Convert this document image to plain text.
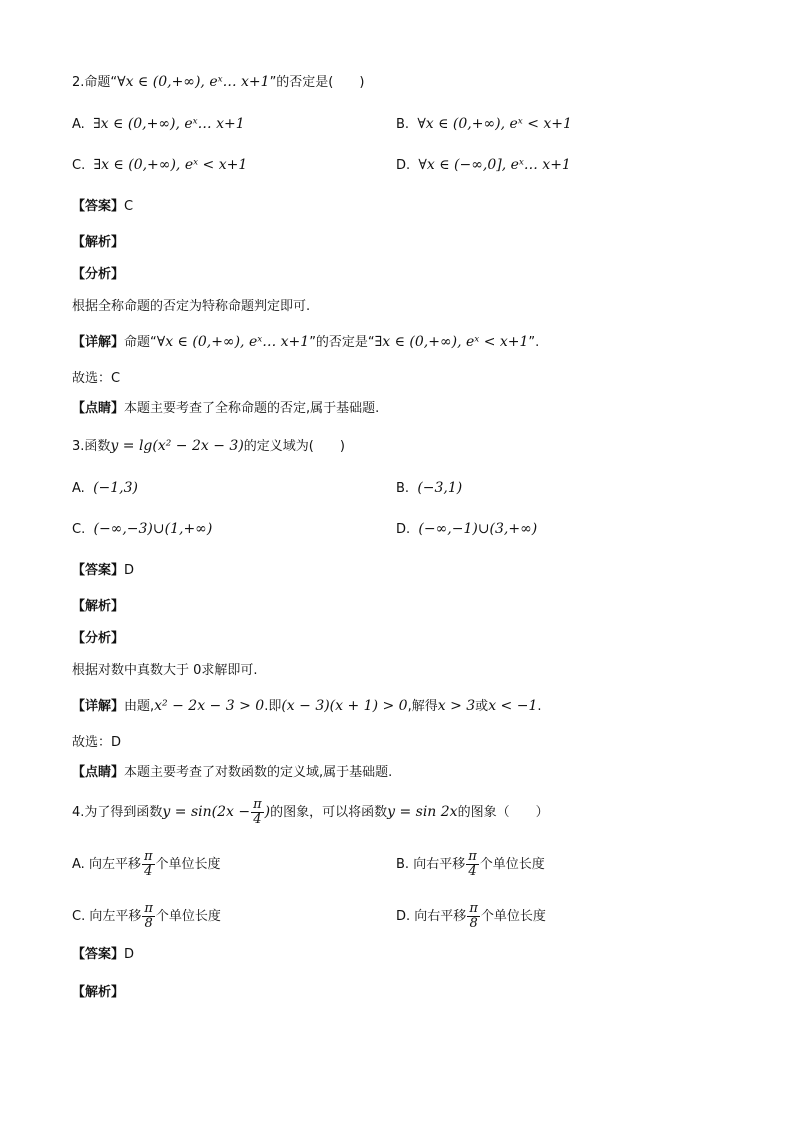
2.命题“∀x ∈ (0,+∞), eˣ… x+1”的否定是(　　)
A. ∃x ∈ (0,+∞), eˣ… x+1	B. ∀x ∈ (0,+∞), eˣ < x+1
C. ∃x ∈ (0,+∞), eˣ < x+1	D. ∀x ∈ (−∞,0], eˣ… x+1
【答案】C
【解析】
【分析】
根据全称命题的否定为特称命题判定即可.
【详解】命题“∀x ∈ (0,+∞), eˣ… x+1”的否定是“∃x ∈ (0,+∞), eˣ < x+1”.
故选：C
【点睛】本题主要考查了全称命题的否定,属于基础题.
3.函数y = lg(x² − 2x − 3)的定义域为(　　)
A. (−1,3)	B. (−3,1)
C. (−∞,−3)∪(1,+∞)	D. (−∞,−1)∪(3,+∞)
【答案】D
【解析】
【分析】
根据对数中真数大于 0求解即可.
【详解】由题,x² − 2x − 3 > 0.即(x − 3)(x + 1) > 0,解得x > 3或x < −1.
故选：D
【点睛】本题主要考查了对数函数的定义域,属于基础题.
4.为了得到函数$y = \sin(2x - \frac{\pi}{4}$ )的图象，可以将函数y = sin 2x的图象（　　）
A. 向左平移 $\frac{\pi}{4}$ 个单位长度	B. 向右平移 $\frac{\pi}{4}$ 个单位长度
C. 向左平移 $\frac{\pi}{8}$ 个单位长度	D. 向右平移 $\frac{\pi}{8}$ 个单位长度
【答案】D
【解析】
